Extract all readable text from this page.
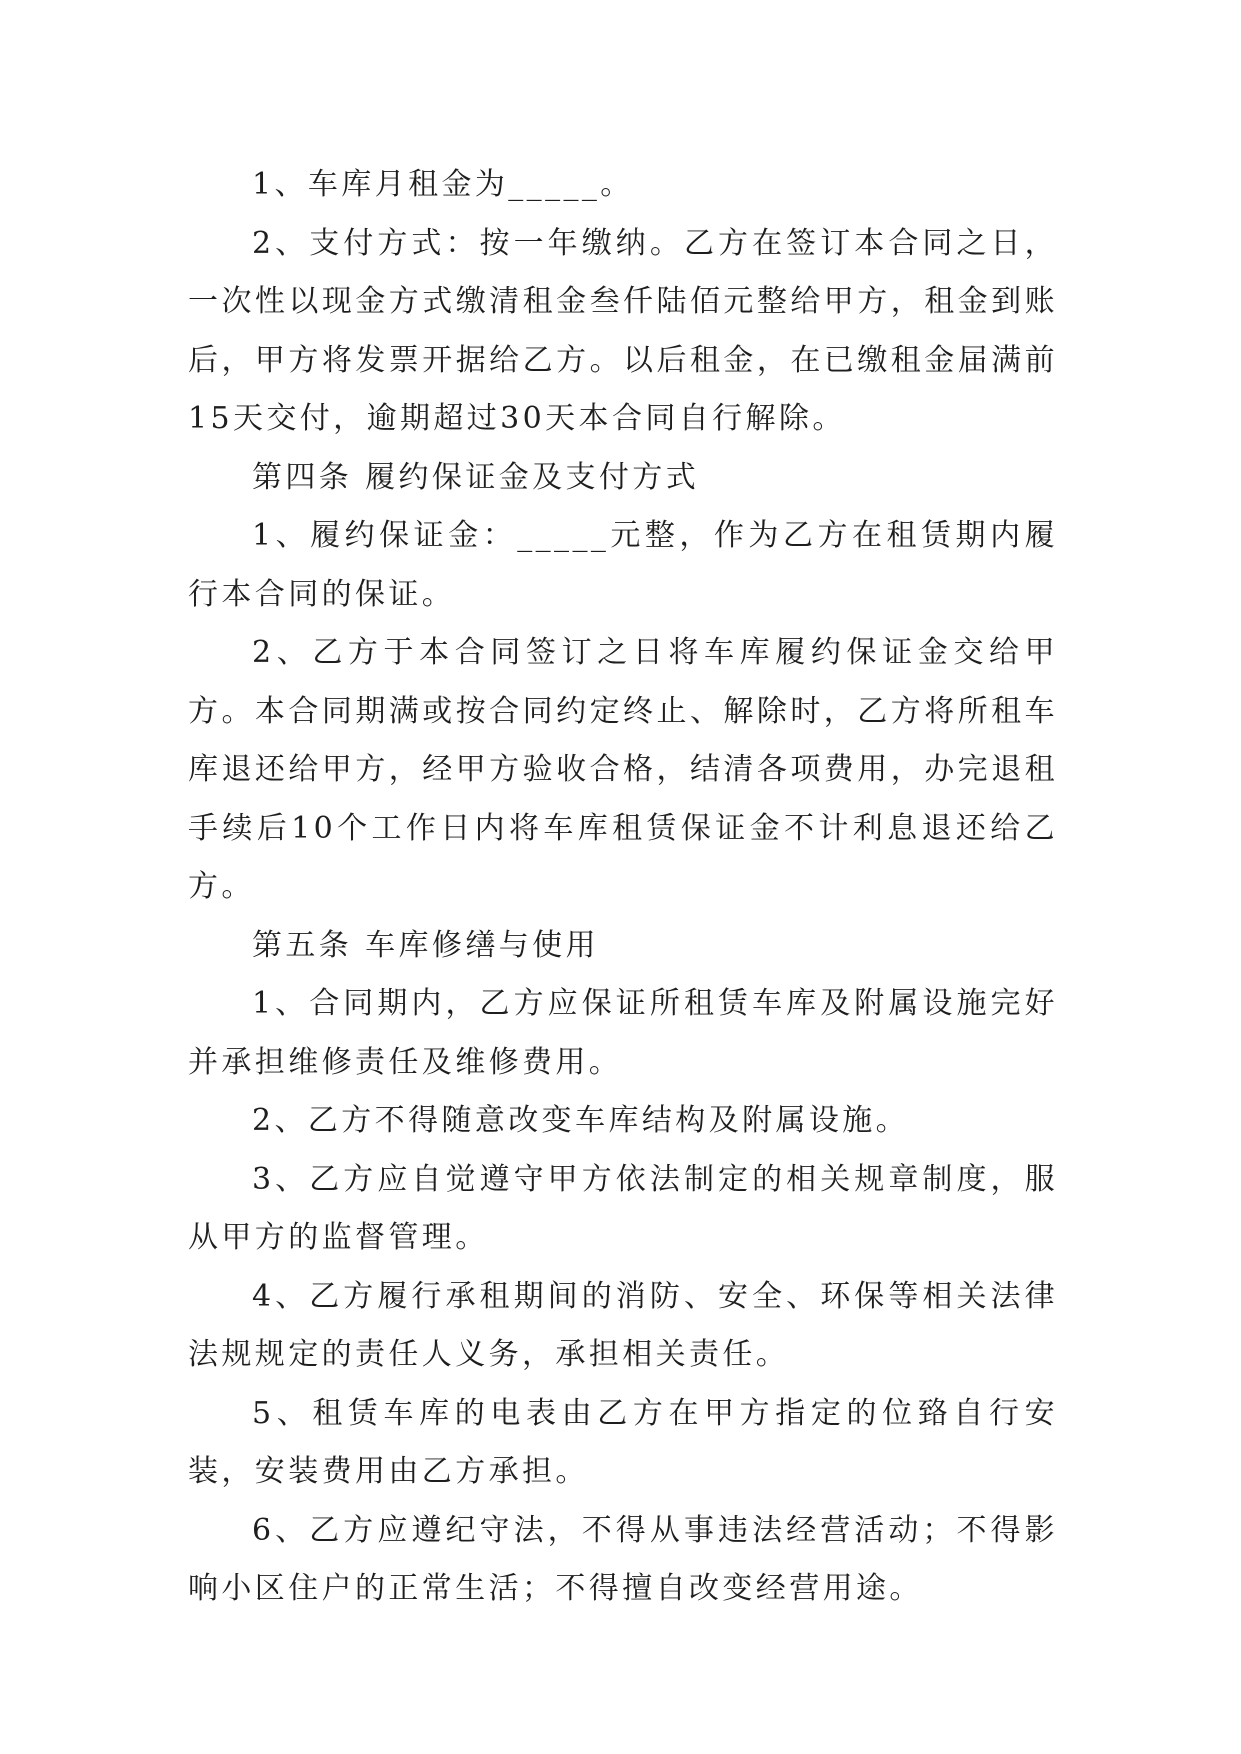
1、车库月租金为_____。

2、支付方式：按一年缴纳。乙方在签订本合同之日，一次性以现金方式缴清租金叁仟陆佰元整给甲方，租金到账后，甲方将发票开据给乙方。以后租金，在已缴租金届满前15天交付，逾期超过30天本合同自行解除。

第四条 履约保证金及支付方式

1、履约保证金：_____元整，作为乙方在租赁期内履行本合同的保证。

2、乙方于本合同签订之日将车库履约保证金交给甲方。本合同期满或按合同约定终止、解除时，乙方将所租车库退还给甲方，经甲方验收合格，结清各项费用，办完退租手续后10个工作日内将车库租赁保证金不计利息退还给乙方。

第五条 车库修缮与使用

1、合同期内，乙方应保证所租赁车库及附属设施完好并承担维修责任及维修费用。

2、乙方不得随意改变车库结构及附属设施。

3、乙方应自觉遵守甲方依法制定的相关规章制度，服从甲方的监督管理。

4、乙方履行承租期间的消防、安全、环保等相关法律法规规定的责任人义务，承担相关责任。

5、租赁车库的电表由乙方在甲方指定的位臵自行安装，安装费用由乙方承担。

6、乙方应遵纪守法，不得从事违法经营活动；不得影响小区住户的正常生活；不得擅自改变经营用途。
